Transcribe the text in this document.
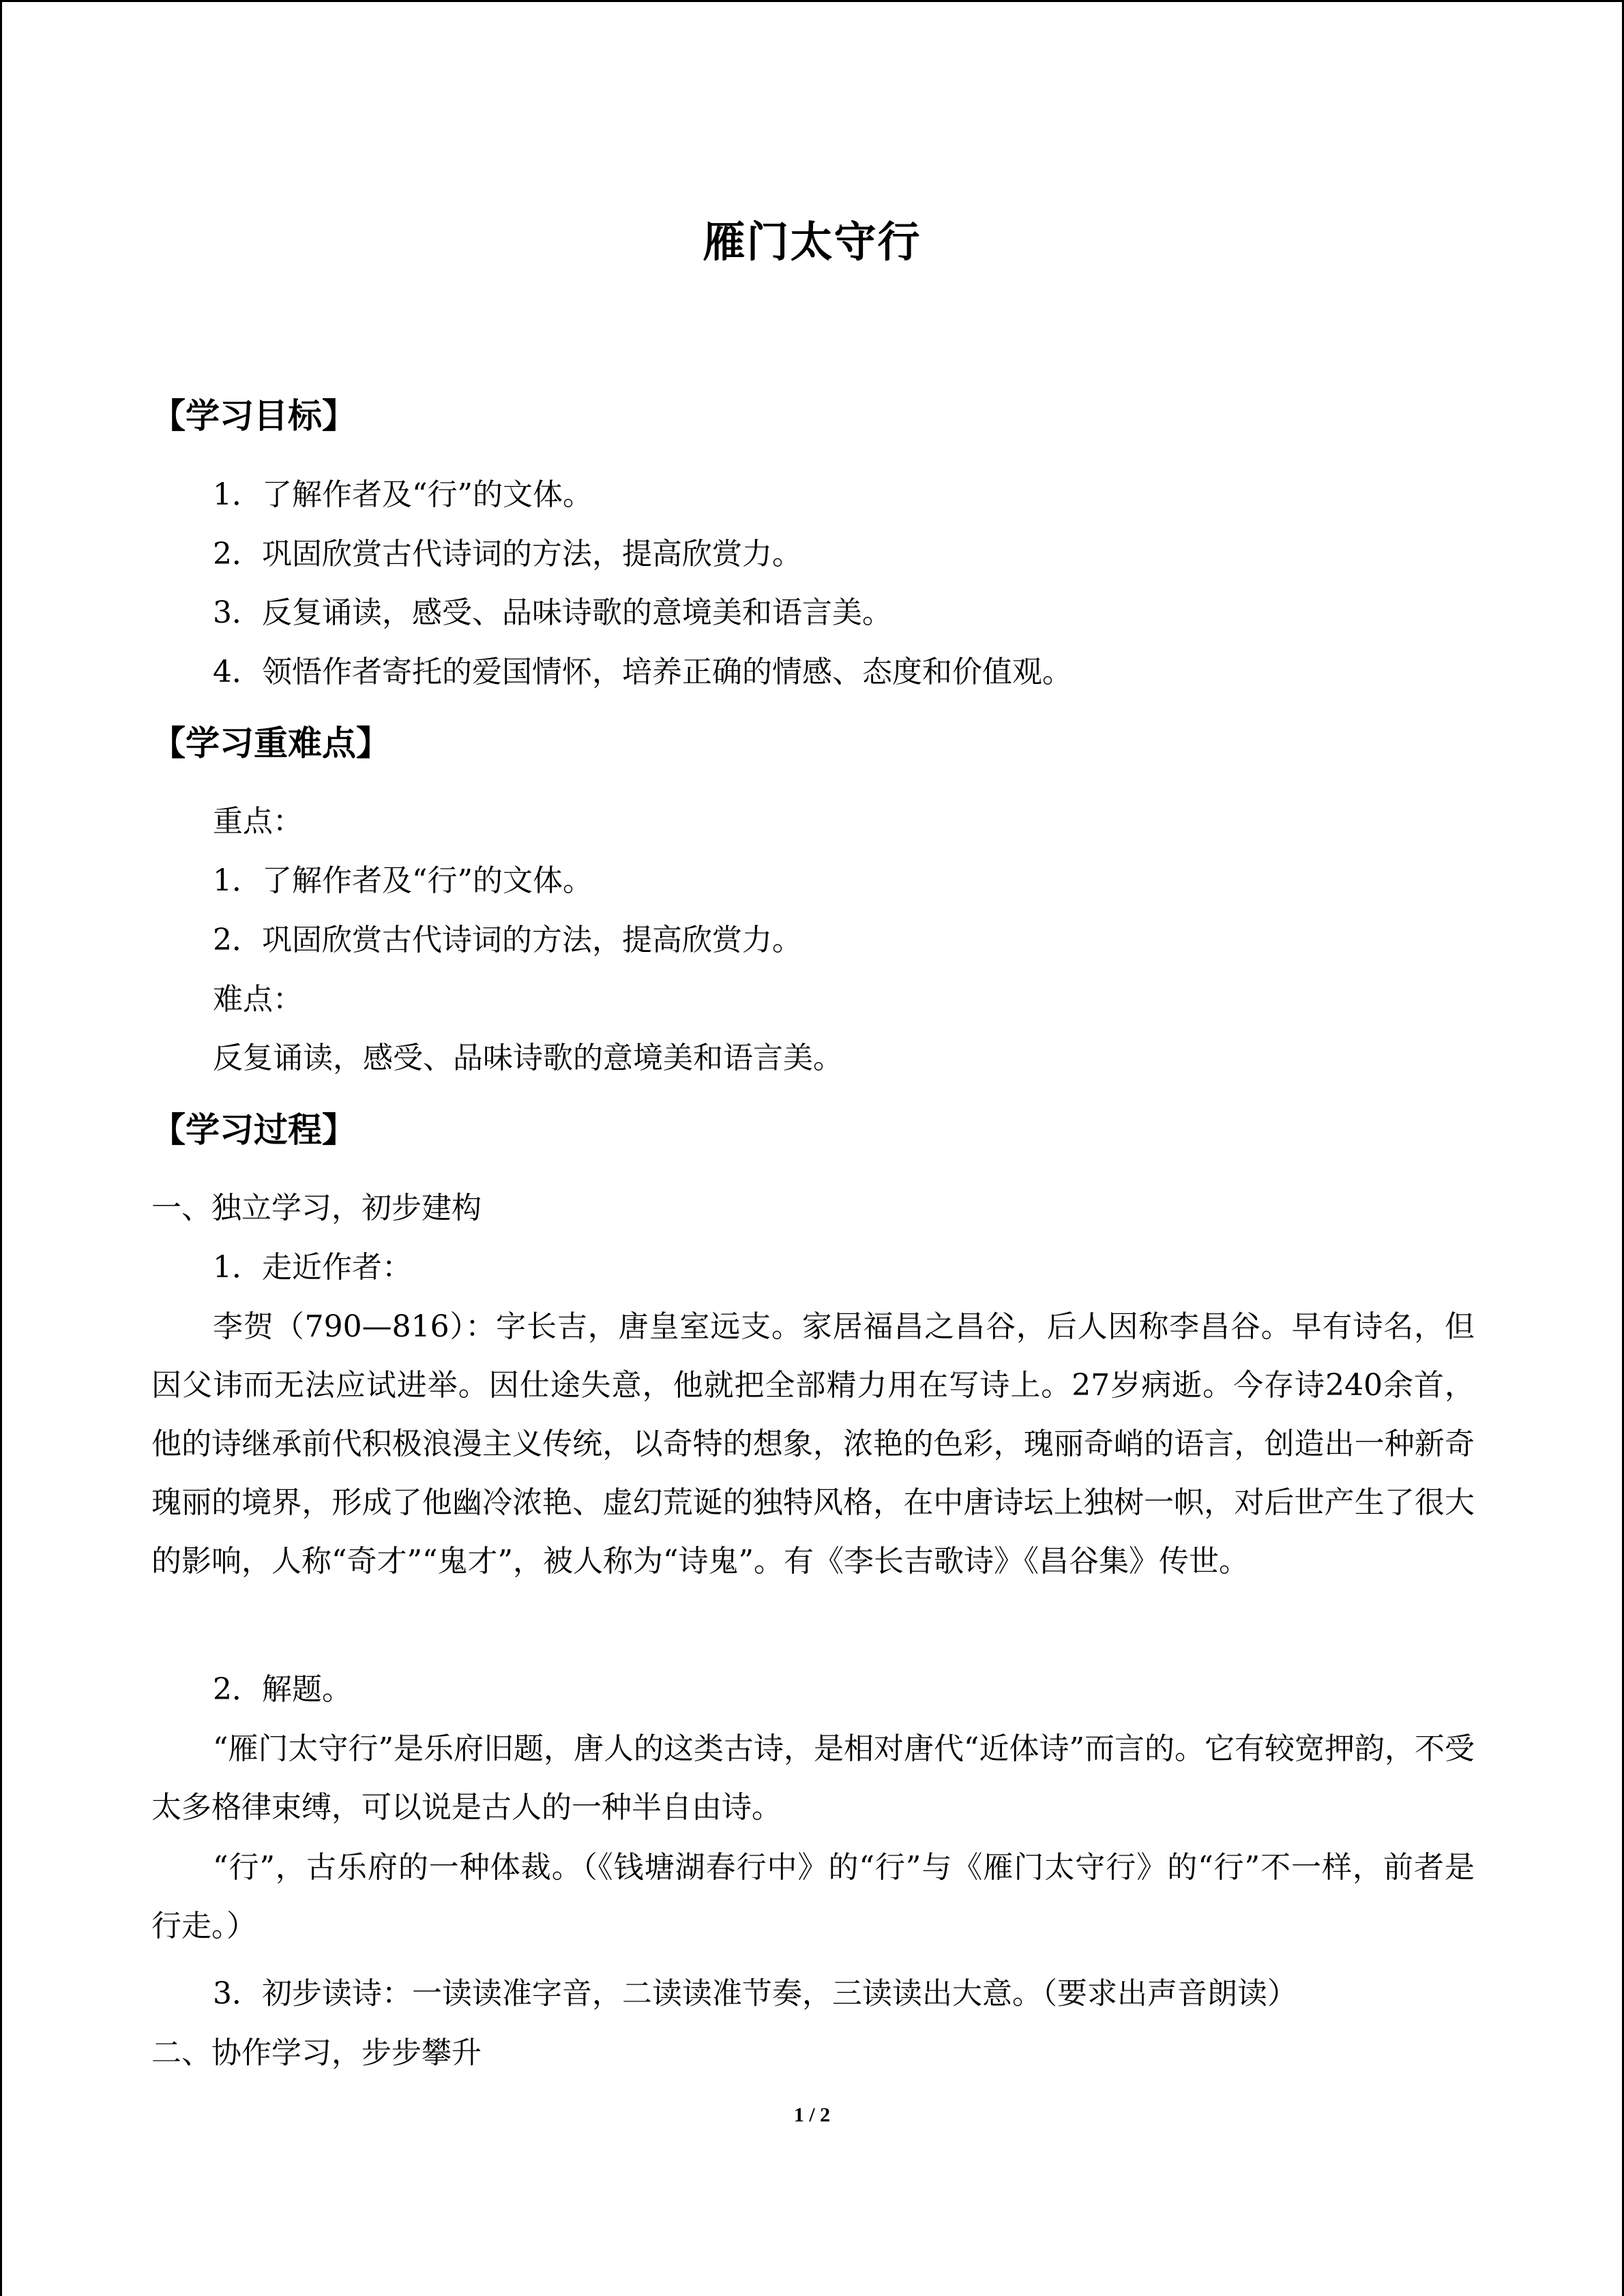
雁门太守行
【学习目标】
1．了解作者及“行”的文体。
2．巩固欣赏古代诗词的方法，提高欣赏力。
3．反复诵读，感受、品味诗歌的意境美和语言美。
4．领悟作者寄托的爱国情怀，培养正确的情感、态度和价值观。
【学习重难点】
重点：
1．了解作者及“行”的文体。
2．巩固欣赏古代诗词的方法，提高欣赏力。
难点：
反复诵读，感受、品味诗歌的意境美和语言美。
【学习过程】
一、独立学习，初步建构
1．走近作者：
李贺（790—816）：字长吉，唐皇室远支。家居福昌之昌谷，后人因称李昌谷。早有诗名，但因父讳而无法应试进举。因仕途失意，他就把全部精力用在写诗上。27岁病逝。今存诗240余首，他的诗继承前代积极浪漫主义传统，以奇特的想象，浓艳的色彩，瑰丽奇峭的语言，创造出一种新奇瑰丽的境界，形成了他幽冷浓艳、虚幻荒诞的独特风格，在中唐诗坛上独树一帜，对后世产生了很大的影响，人称“奇才”“鬼才”，被人称为“诗鬼”。有《李长吉歌诗》《昌谷集》传世。
2．解题。
“雁门太守行”是乐府旧题，唐人的这类古诗，是相对唐代“近体诗”而言的。它有较宽押韵，不受太多格律束缚，可以说是古人的一种半自由诗。
“行”，古乐府的一种体裁。（《钱塘湖春行中》的“行”与《雁门太守行》的“行”不一样，前者是行走。）
3．初步读诗：一读读准字音，二读读准节奏，三读读出大意。（要求出声音朗读）
二、协作学习，步步攀升
1 / 2
